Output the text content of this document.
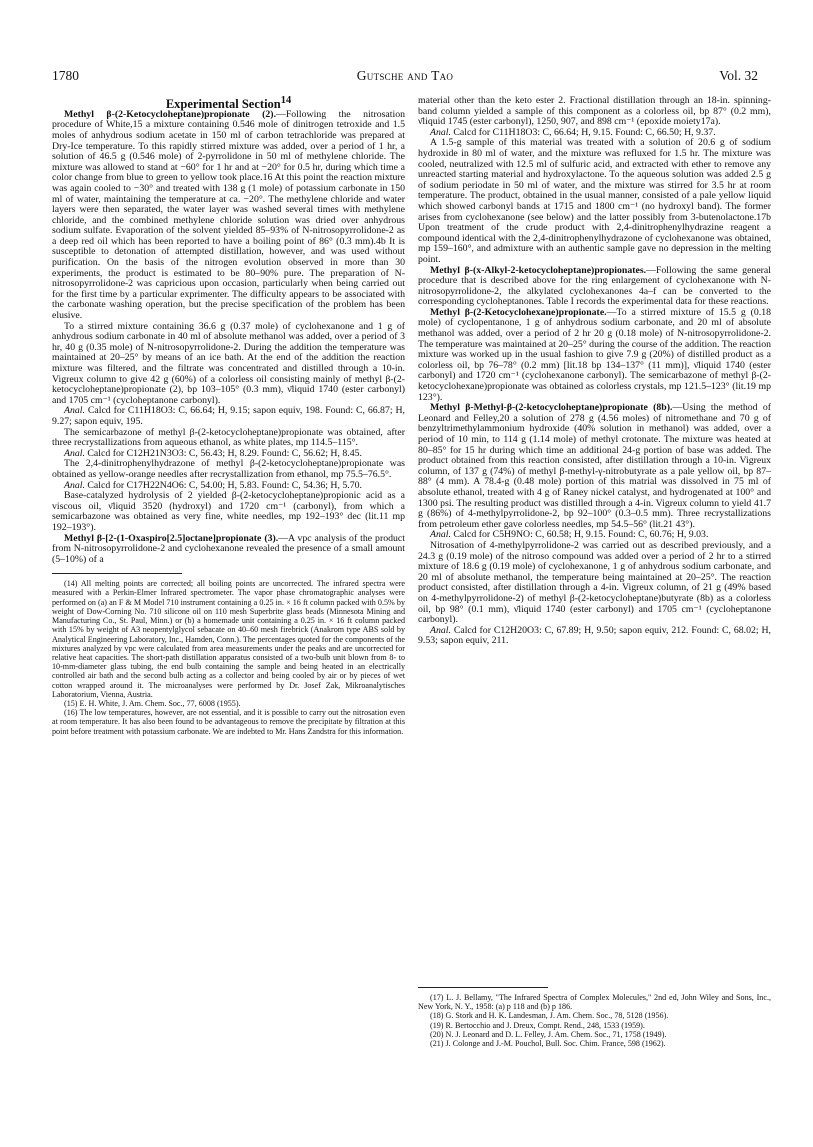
1780	Gutsche and Tao	Vol. 32

Experimental Section$^{14}$

Methyl β-(2-Ketocycloheptane)propionate (2).—Following the nitrosation procedure of White,15 a mixture containing 0.546 mole of dinitrogen tetroxide and 1.5 moles of anhydrous sodium acetate in 150 ml of carbon tetrachloride was prepared at Dry-Ice temperature. To this rapidly stirred mixture was added, over a period of 1 hr, a solution of 46.5 g (0.546 mole) of 2-pyrrolidone in 50 ml of methylene chloride. The mixture was allowed to stand at −60° for 1 hr and at −20° for 0.5 hr, during which time a color change from blue to green to yellow took place.16 At this point the reaction mixture was again cooled to −30° and treated with 138 g (1 mole) of potassium carbonate in 150 ml of water, maintaining the temperature at ca. −20°. The methylene chloride and water layers were then separated, the water layer was washed several times with methylene chloride, and the combined methylene chloride solution was dried over anhydrous sodium sulfate. Evaporation of the solvent yielded 85–93% of N-nitrosopyrrolidone-2 as a deep red oil which has been reported to have a boiling point of 86° (0.3 mm).4b It is susceptible to detonation of attempted distillation, however, and was used without purification. On the basis of the nitrogen evolution observed in more than 30 experiments, the product is estimated to be 80–90% pure. The preparation of N-nitrosopyrrolidone-2 was capricious upon occasion, particularly when being carried out for the first time by a particular exprimenter. The difficulty appears to be associated with the carbonate washing operation, but the precise specification of the problem has been elusive.

To a stirred mixture containing 36.6 g (0.37 mole) of cyclohexanone and 1 g of anhydrous sodium carbonate in 40 ml of absolute methanol was added, over a period of 3 hr, 40 g (0.35 mole) of N-nitrosopyrrolidone-2. During the addition the temperature was maintained at 20–25° by means of an ice bath. At the end of the addition the reaction mixture was filtered, and the filtrate was concentrated and distilled through a 10-in. Vigreux column to give 42 g (60%) of a colorless oil consisting mainly of methyl β-(2-ketocycloheptane)propionate (2), bp 103–105° (0.3 mm), ν̄liquid 1740 (ester carbonyl) and 1705 cm⁻¹ (cycloheptanone carbonyl).

Anal. Calcd for C11H18O3: C, 66.64; H, 9.15; sapon equiv, 198. Found: C, 66.87; H, 9.27; sapon equiv, 195.

The semicarbazone of methyl β-(2-ketocycloheptane)propionate was obtained, after three recrystallizations from aqueous ethanol, as white plates, mp 114.5–115°.

Anal. Calcd for C12H21N3O3: C, 56.43; H, 8.29. Found: C, 56.62; H, 8.45.

The 2,4-dinitrophenylhydrazone of methyl β-(2-ketocycloheptane)propionate was obtained as yellow-orange needles after recrystallization from ethanol, mp 75.5–76.5°.

Anal. Calcd for C17H22N4O6: C, 54.00; H, 5.83. Found: C, 54.36; H, 5.70.

Base-catalyzed hydrolysis of 2 yielded β-(2-ketocycloheptane)propionic acid as a viscous oil, ν̄liquid 3520 (hydroxyl) and 1720 cm⁻¹ (carbonyl), from which a semicarbazone was obtained as very fine, white needles, mp 192–193° dec (lit.11 mp 192–193°).

Methyl β-[2-(1-Oxaspiro[2.5]octane]propionate (3).—A vpc analysis of the product from N-nitrosopyrrolidone-2 and cyclohexanone revealed the presence of a small amount (5–10%) of a

(14) All melting points are corrected; all boiling points are uncorrected. The infrared spectra were measured with a Perkin-Elmer Infrared spectrometer. The vapor phase chromatographic analyses were performed on (a) an F & M Model 710 instrument containing a 0.25 in. × 16 ft column packed with 0.5% by weight of Dow-Corning No. 710 silicone oil on 110 mesh Superbrite glass beads (Minnesota Mining and Manufacturing Co., St. Paul, Minn.) or (b) a homemade unit containing a 0.25 in. × 16 ft column packed with 15% by weight of A3 neopentylglycol sebacate on 40–60 mesh firebrick (Anakrom type ABS sold by Analytical Engineering Laboratory, Inc., Hamden, Conn.). The percentages quoted for the components of the mixtures analyzed by vpc were calculated from area measurements under the peaks and are uncorrected for relative heat capacities. The short-path distillation apparatus consisted of a two-bulb unit blown from 8- to 10-mm-diameter glass tubing, the end bulb containing the sample and being heated in an electrically controlled air bath and the second bulb acting as a collector and being cooled by air or by pieces of wet cotton wrapped around it. The microanalyses were performed by Dr. Josef Zak, Mikroanalytisches Laboratorium, Vienna, Austria.

(15) E. H. White, J. Am. Chem. Soc., 77, 6008 (1955).

(16) The low temperatures, however, are not essential, and it is possible to carry out the nitrosation even at room temperature. It has also been found to be advantageous to remove the precipitate by filtration at this point before treatment with potassium carbonate. We are indebted to Mr. Hans Zandstra for this information.

material other than the keto ester 2. Fractional distillation through an 18-in. spinning-band column yielded a sample of this component as a colorless oil, bp 87° (0.2 mm), ν̄liquid 1745 (ester carbonyl), 1250, 907, and 898 cm⁻¹ (epoxide moiety17a).

Anal. Calcd for C11H18O3: C, 66.64; H, 9.15. Found: C, 66.50; H, 9.37.

A 1.5-g sample of this material was treated with a solution of 20.6 g of sodium hydroxide in 80 ml of water, and the mixture was refluxed for 1.5 hr. The mixture was cooled, neutralized with 12.5 ml of sulfuric acid, and extracted with ether to remove any unreacted starting material and hydroxylactone. To the aqueous solution was added 2.5 g of sodium periodate in 50 ml of water, and the mixture was stirred for 3.5 hr at room temperature. The product, obtained in the usual manner, consisted of a pale yellow liquid which showed carbonyl bands at 1715 and 1800 cm⁻¹ (no hydroxyl band). The former arises from cyclohexanone (see below) and the latter possibly from 3-butenolactone.17b Upon treatment of the crude product with 2,4-dinitrophenylhydrazine reagent a compound identical with the 2,4-dinitrophenylhydrazone of cyclohexanone was obtained, mp 159–160°, and admixture with an authentic sample gave no depression in the melting point.

Methyl β-(x-Alkyl-2-ketocycloheptane)propionates.—Following the same general procedure that is described above for the ring enlargement of cyclohexanone with N-nitrosopyrrolidone-2, the alkylated cyclohexanones 4a–f can be converted to the corresponding cycloheptanones. Table I records the experimental data for these reactions.

Methyl β-(2-Ketocyclohexane)propionate.—To a stirred mixture of 15.5 g (0.18 mole) of cyclopentanone, 1 g of anhydrous sodium carbonate, and 20 ml of absolute methanol was added, over a period of 2 hr 20 g (0.18 mole) of N-nitrosopyrrolidone-2. The temperature was maintained at 20–25° during the course of the addition. The reaction mixture was worked up in the usual fashion to give 7.9 g (20%) of distilled product as a colorless oil, bp 76–78° (0.2 mm) [lit.18 bp 134–137° (11 mm)], ν̄liquid 1740 (ester carbonyl) and 1720 cm⁻¹ (cyclohexanone carbonyl). The semicarbazone of methyl β-(2-ketocyclohexane)propionate was obtained as colorless crystals, mp 121.5–123° (lit.19 mp 123°).

Methyl β-Methyl-β-(2-ketocycloheptane)propionate (8b).—Using the method of Leonard and Felley,20 a solution of 278 g (4.56 moles) of nitromethane and 70 g of benzyltrimethylammonium hydroxide (40% solution in methanol) was added, over a period of 10 min, to 114 g (1.14 mole) of methyl crotonate. The mixture was heated at 80–85° for 15 hr during which time an additional 24-g portion of base was added. The product obtained from this reaction consisted, after distillation through a 10-in. Vigreux column, of 137 g (74%) of methyl β-methyl-γ-nitrobutyrate as a pale yellow oil, bp 87–88° (4 mm). A 78.4-g (0.48 mole) portion of this matrial was dissolved in 75 ml of absolute ethanol, treated with 4 g of Raney nickel catalyst, and hydrogenated at 100° and 1300 psi. The resulting product was distilled through a 4-in. Vigreux column to yield 41.7 g (86%) of 4-methylpyrrolidone-2, bp 92–100° (0.3–0.5 mm). Three recrystallizations from petroleum ether gave colorless needles, mp 54.5–56° (lit.21 43°).

Anal. Calcd for C5H9NO: C, 60.58; H, 9.15. Found: C, 60.76; H, 9.03.

Nitrosation of 4-methylpyrrolidone-2 was carried out as described previously, and a 24.3 g (0.19 mole) of the nitroso compound was added over a period of 2 hr to a stirred mixture of 18.6 g (0.19 mole) of cyclohexanone, 1 g of anhydrous sodium carbonate, and 20 ml of absolute methanol, the temperature being maintained at 20–25°. The reaction product consisted, after distillation through a 4-in. Vigreux column, of 21 g (49% based on 4-methylpyrrolidone-2) of methyl β-(2-ketocycloheptane)butyrate (8b) as a colorless oil, bp 98° (0.1 mm), ν̄liquid 1740 (ester carbonyl) and 1705 cm⁻¹ (cycloheptanone carbonyl).

Anal. Calcd for C12H20O3: C, 67.89; H, 9.50; sapon equiv, 212. Found: C, 68.02; H, 9.53; sapon equiv, 211.

(17) L. J. Bellamy, "The Infrared Spectra of Complex Molecules," 2nd ed, John Wiley and Sons, Inc., New York, N. Y., 1958: (a) p 118 and (b) p 186.

(18) G. Stork and H. K. Landesman, J. Am. Chem. Soc., 78, 5128 (1956).

(19) R. Bertocchio and J. Dreux, Compt. Rend., 248, 1533 (1959).

(20) N. J. Leonard and D. L. Felley, J. Am. Chem. Soc., 71, 1758 (1949).

(21) J. Colonge and J.-M. Pouchol, Bull. Soc. Chim. France, 598 (1962).
